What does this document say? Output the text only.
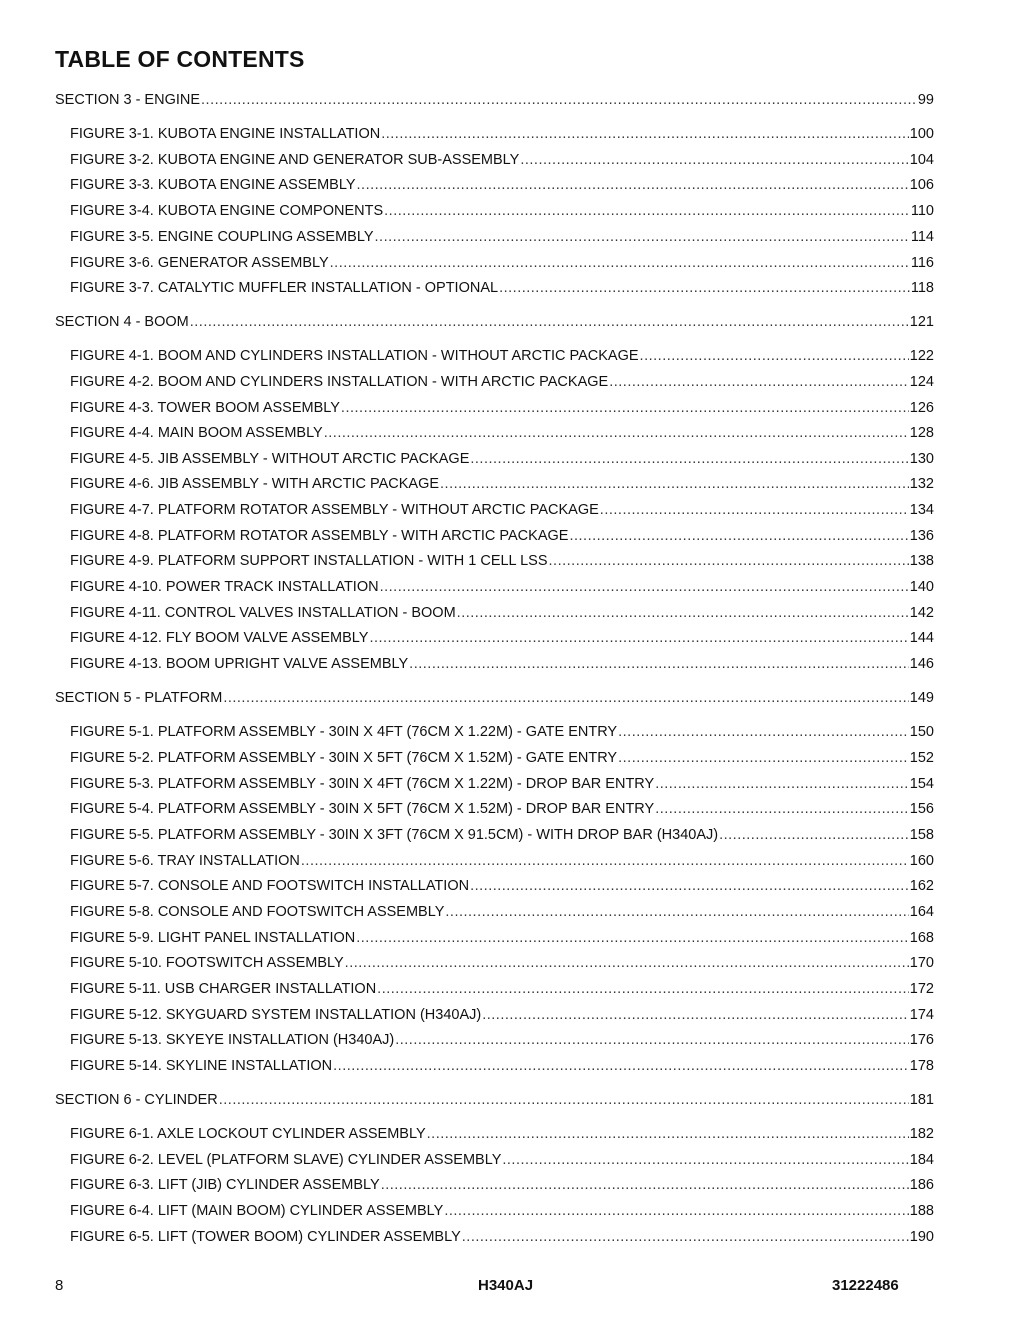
TABLE OF CONTENTS
SECTION 3 - ENGINE .....	99
FIGURE 3-1. KUBOTA ENGINE INSTALLATION .....	100
FIGURE 3-2. KUBOTA ENGINE AND GENERATOR SUB-ASSEMBLY .....	104
FIGURE 3-3. KUBOTA ENGINE ASSEMBLY .....	106
FIGURE 3-4. KUBOTA ENGINE COMPONENTS .....	110
FIGURE 3-5. ENGINE COUPLING ASSEMBLY .....	114
FIGURE 3-6. GENERATOR ASSEMBLY .....	116
FIGURE 3-7. CATALYTIC MUFFLER INSTALLATION - OPTIONAL .....	118
SECTION 4 - BOOM .....	121
FIGURE 4-1. BOOM AND CYLINDERS INSTALLATION - WITHOUT ARCTIC PACKAGE .....	122
FIGURE 4-2. BOOM AND CYLINDERS INSTALLATION - WITH ARCTIC PACKAGE .....	124
FIGURE 4-3. TOWER BOOM ASSEMBLY .....	126
FIGURE 4-4. MAIN BOOM ASSEMBLY .....	128
FIGURE 4-5. JIB ASSEMBLY - WITHOUT ARCTIC PACKAGE .....	130
FIGURE 4-6. JIB ASSEMBLY - WITH ARCTIC PACKAGE .....	132
FIGURE 4-7. PLATFORM ROTATOR ASSEMBLY - WITHOUT ARCTIC PACKAGE .....	134
FIGURE 4-8. PLATFORM ROTATOR ASSEMBLY - WITH ARCTIC PACKAGE .....	136
FIGURE 4-9. PLATFORM SUPPORT INSTALLATION - WITH 1 CELL LSS .....	138
FIGURE 4-10. POWER TRACK INSTALLATION .....	140
FIGURE 4-11. CONTROL VALVES INSTALLATION - BOOM .....	142
FIGURE 4-12. FLY BOOM VALVE ASSEMBLY .....	144
FIGURE 4-13. BOOM UPRIGHT VALVE ASSEMBLY .....	146
SECTION 5 - PLATFORM .....	149
FIGURE 5-1. PLATFORM ASSEMBLY - 30IN X 4FT (76CM X 1.22M) - GATE ENTRY .....	150
FIGURE 5-2. PLATFORM ASSEMBLY - 30IN X 5FT (76CM X 1.52M) - GATE ENTRY .....	152
FIGURE 5-3. PLATFORM ASSEMBLY - 30IN X 4FT (76CM X 1.22M) - DROP BAR ENTRY .....	154
FIGURE 5-4. PLATFORM ASSEMBLY - 30IN X 5FT (76CM X 1.52M) - DROP BAR ENTRY .....	156
FIGURE 5-5. PLATFORM ASSEMBLY - 30IN X 3FT (76CM X 91.5CM) - WITH DROP BAR (H340AJ) .....	158
FIGURE 5-6. TRAY INSTALLATION .....	160
FIGURE 5-7. CONSOLE AND FOOTSWITCH INSTALLATION .....	162
FIGURE 5-8. CONSOLE AND FOOTSWITCH ASSEMBLY .....	164
FIGURE 5-9. LIGHT PANEL INSTALLATION .....	168
FIGURE 5-10. FOOTSWITCH ASSEMBLY .....	170
FIGURE 5-11. USB CHARGER INSTALLATION .....	172
FIGURE 5-12. SKYGUARD SYSTEM INSTALLATION (H340AJ) .....	174
FIGURE 5-13. SKYEYE INSTALLATION (H340AJ) .....	176
FIGURE 5-14. SKYLINE INSTALLATION .....	178
SECTION 6 - CYLINDER .....	181
FIGURE 6-1. AXLE LOCKOUT CYLINDER ASSEMBLY .....	182
FIGURE 6-2. LEVEL (PLATFORM SLAVE) CYLINDER ASSEMBLY .....	184
FIGURE 6-3. LIFT (JIB) CYLINDER ASSEMBLY .....	186
FIGURE 6-4. LIFT (MAIN BOOM) CYLINDER ASSEMBLY .....	188
FIGURE 6-5. LIFT (TOWER BOOM) CYLINDER ASSEMBLY .....	190
8	H340AJ	31222486
